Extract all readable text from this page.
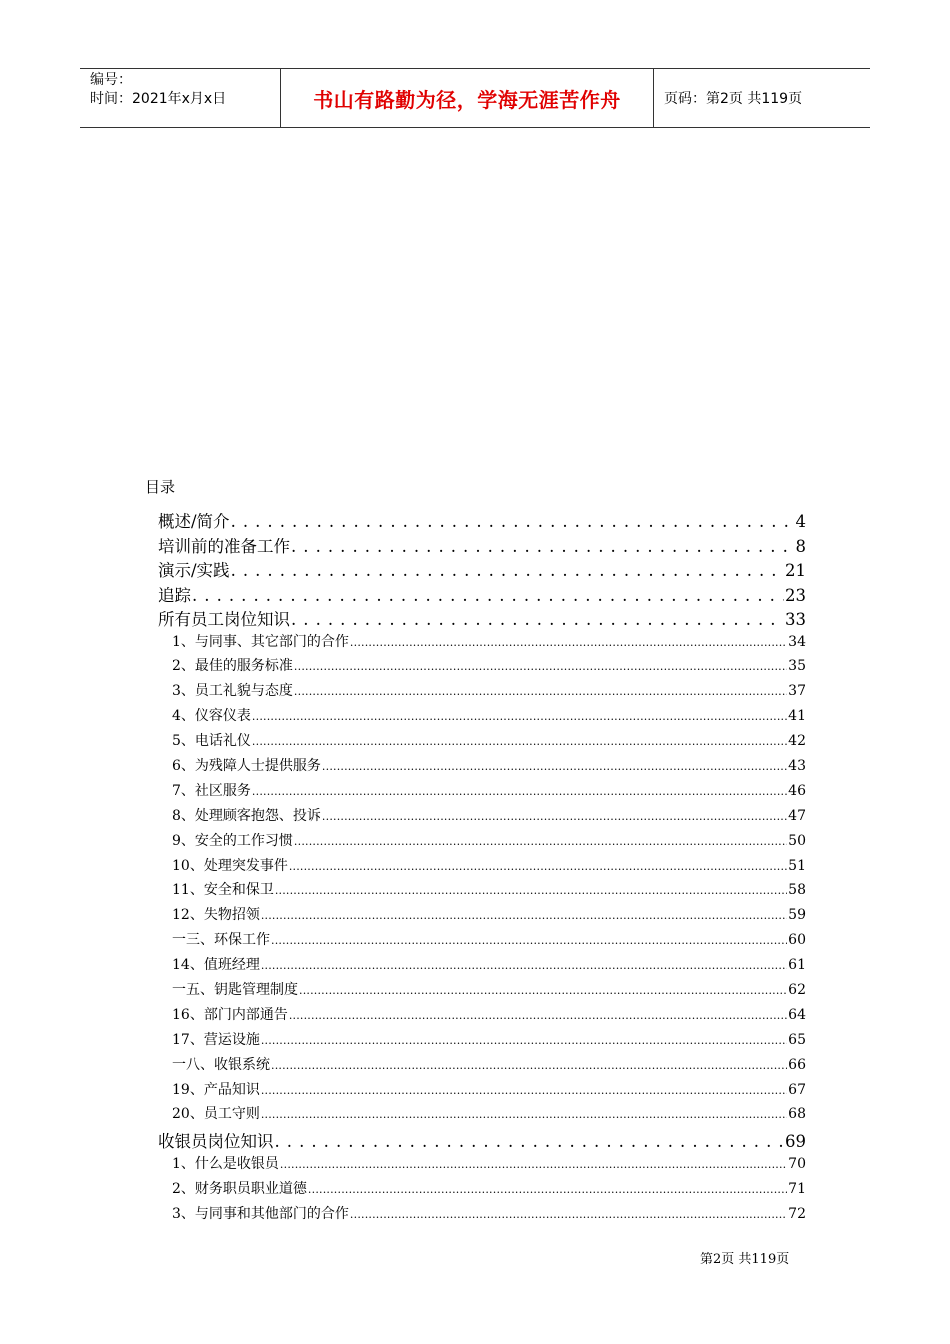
编号：
时间：2021年x月x日	书山有路勤为径，学海无涯苦作舟	页码：第2页 共119页
目录
概述/简介 . . .	4
培训前的准备工作 . . .	8
演示/实践 . . .	21
追踪 . . .	23
所有员工岗位知识 . . .	33
1、与同事、其它部门的合作 .....	34
2、最佳的服务标准 .....	35
3、员工礼貌与态度 .....	37
4、仪容仪表 .....	41
5、电话礼仪 .....	42
6、为残障人士提供服务 .....	43
7、社区服务 .....	46
8、处理顾客抱怨、投诉 .....	47
9、安全的工作习惯 .....	50
10、处理突发事件 .....	51
11、安全和保卫 .....	58
12、失物招领 .....	59
一三、环保工作 .....	60
14、值班经理 .....	61
一五、钥匙管理制度 .....	62
16、部门内部通告 .....	64
17、营运设施 .....	65
一八、收银系统 .....	66
19、产品知识 .....	67
20、员工守则 .....	68
收银员岗位知识 . . .	69
1、什么是收银员 .....	70
2、财务职员职业道德 .....	71
3、与同事和其他部门的合作 .....	72
第2页 共119页
